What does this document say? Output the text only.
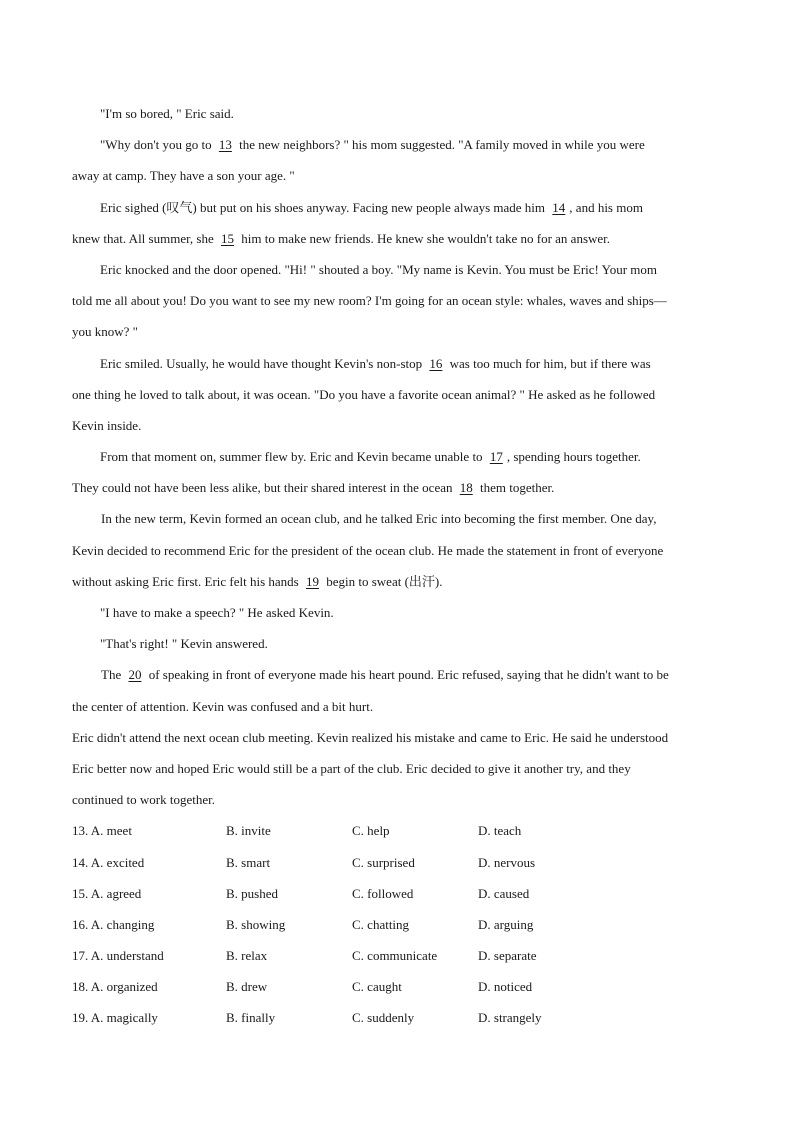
"I'm so bored, " Eric said.
"Why don't you go to 13 the new neighbors? " his mom suggested. "A family moved in while you were
away at camp. They have a son your age. "
Eric sighed (叹气) but put on his shoes anyway. Facing new people always made him 14 , and his mom
knew that. All summer, she 15 him to make new friends. He knew she wouldn't take no for an answer.
Eric knocked and the door opened. "Hi! " shouted a boy. "My name is Kevin. You must be Eric! Your mom
told me all about you! Do you want to see my new room? I'm going for an ocean style: whales, waves and ships—
you know? "
Eric smiled. Usually, he would have thought Kevin's non-stop 16 was too much for him, but if there was
one thing he loved to talk about, it was ocean. "Do you have a favorite ocean animal? " He asked as he followed
Kevin inside.
From that moment on, summer flew by. Eric and Kevin became unable to 17 , spending hours together.
They could not have been less alike, but their shared interest in the ocean 18 them together.
In the new term, Kevin formed an ocean club, and he talked Eric into becoming the first member. One day,
Kevin decided to recommend Eric for the president of the ocean club. He made the statement in front of everyone
without asking Eric first. Eric felt his hands 19 begin to sweat (出汗).
"I have to make a speech? " He asked Kevin.
"That's right! " Kevin answered.
The 20 of speaking in front of everyone made his heart pound. Eric refused, saying that he didn't want to be
the center of attention. Kevin was confused and a bit hurt.
Eric didn't attend the next ocean club meeting. Kevin realized his mistake and came to Eric. He said he understood
Eric better now and hoped Eric would still be a part of the club. Eric decided to give it another try, and they
continued to work together.
13. A. meet	B. invite	C. help	D. teach
14. A. excited	B. smart	C. surprised	D. nervous
15. A. agreed	B. pushed	C. followed	D. caused
16. A. changing	B. showing	C. chatting	D. arguing
17. A. understand	B. relax	C. communicate	D. separate
18. A. organized	B. drew	C. caught	D. noticed
19. A. magically	B. finally	C. suddenly	D. strangely
